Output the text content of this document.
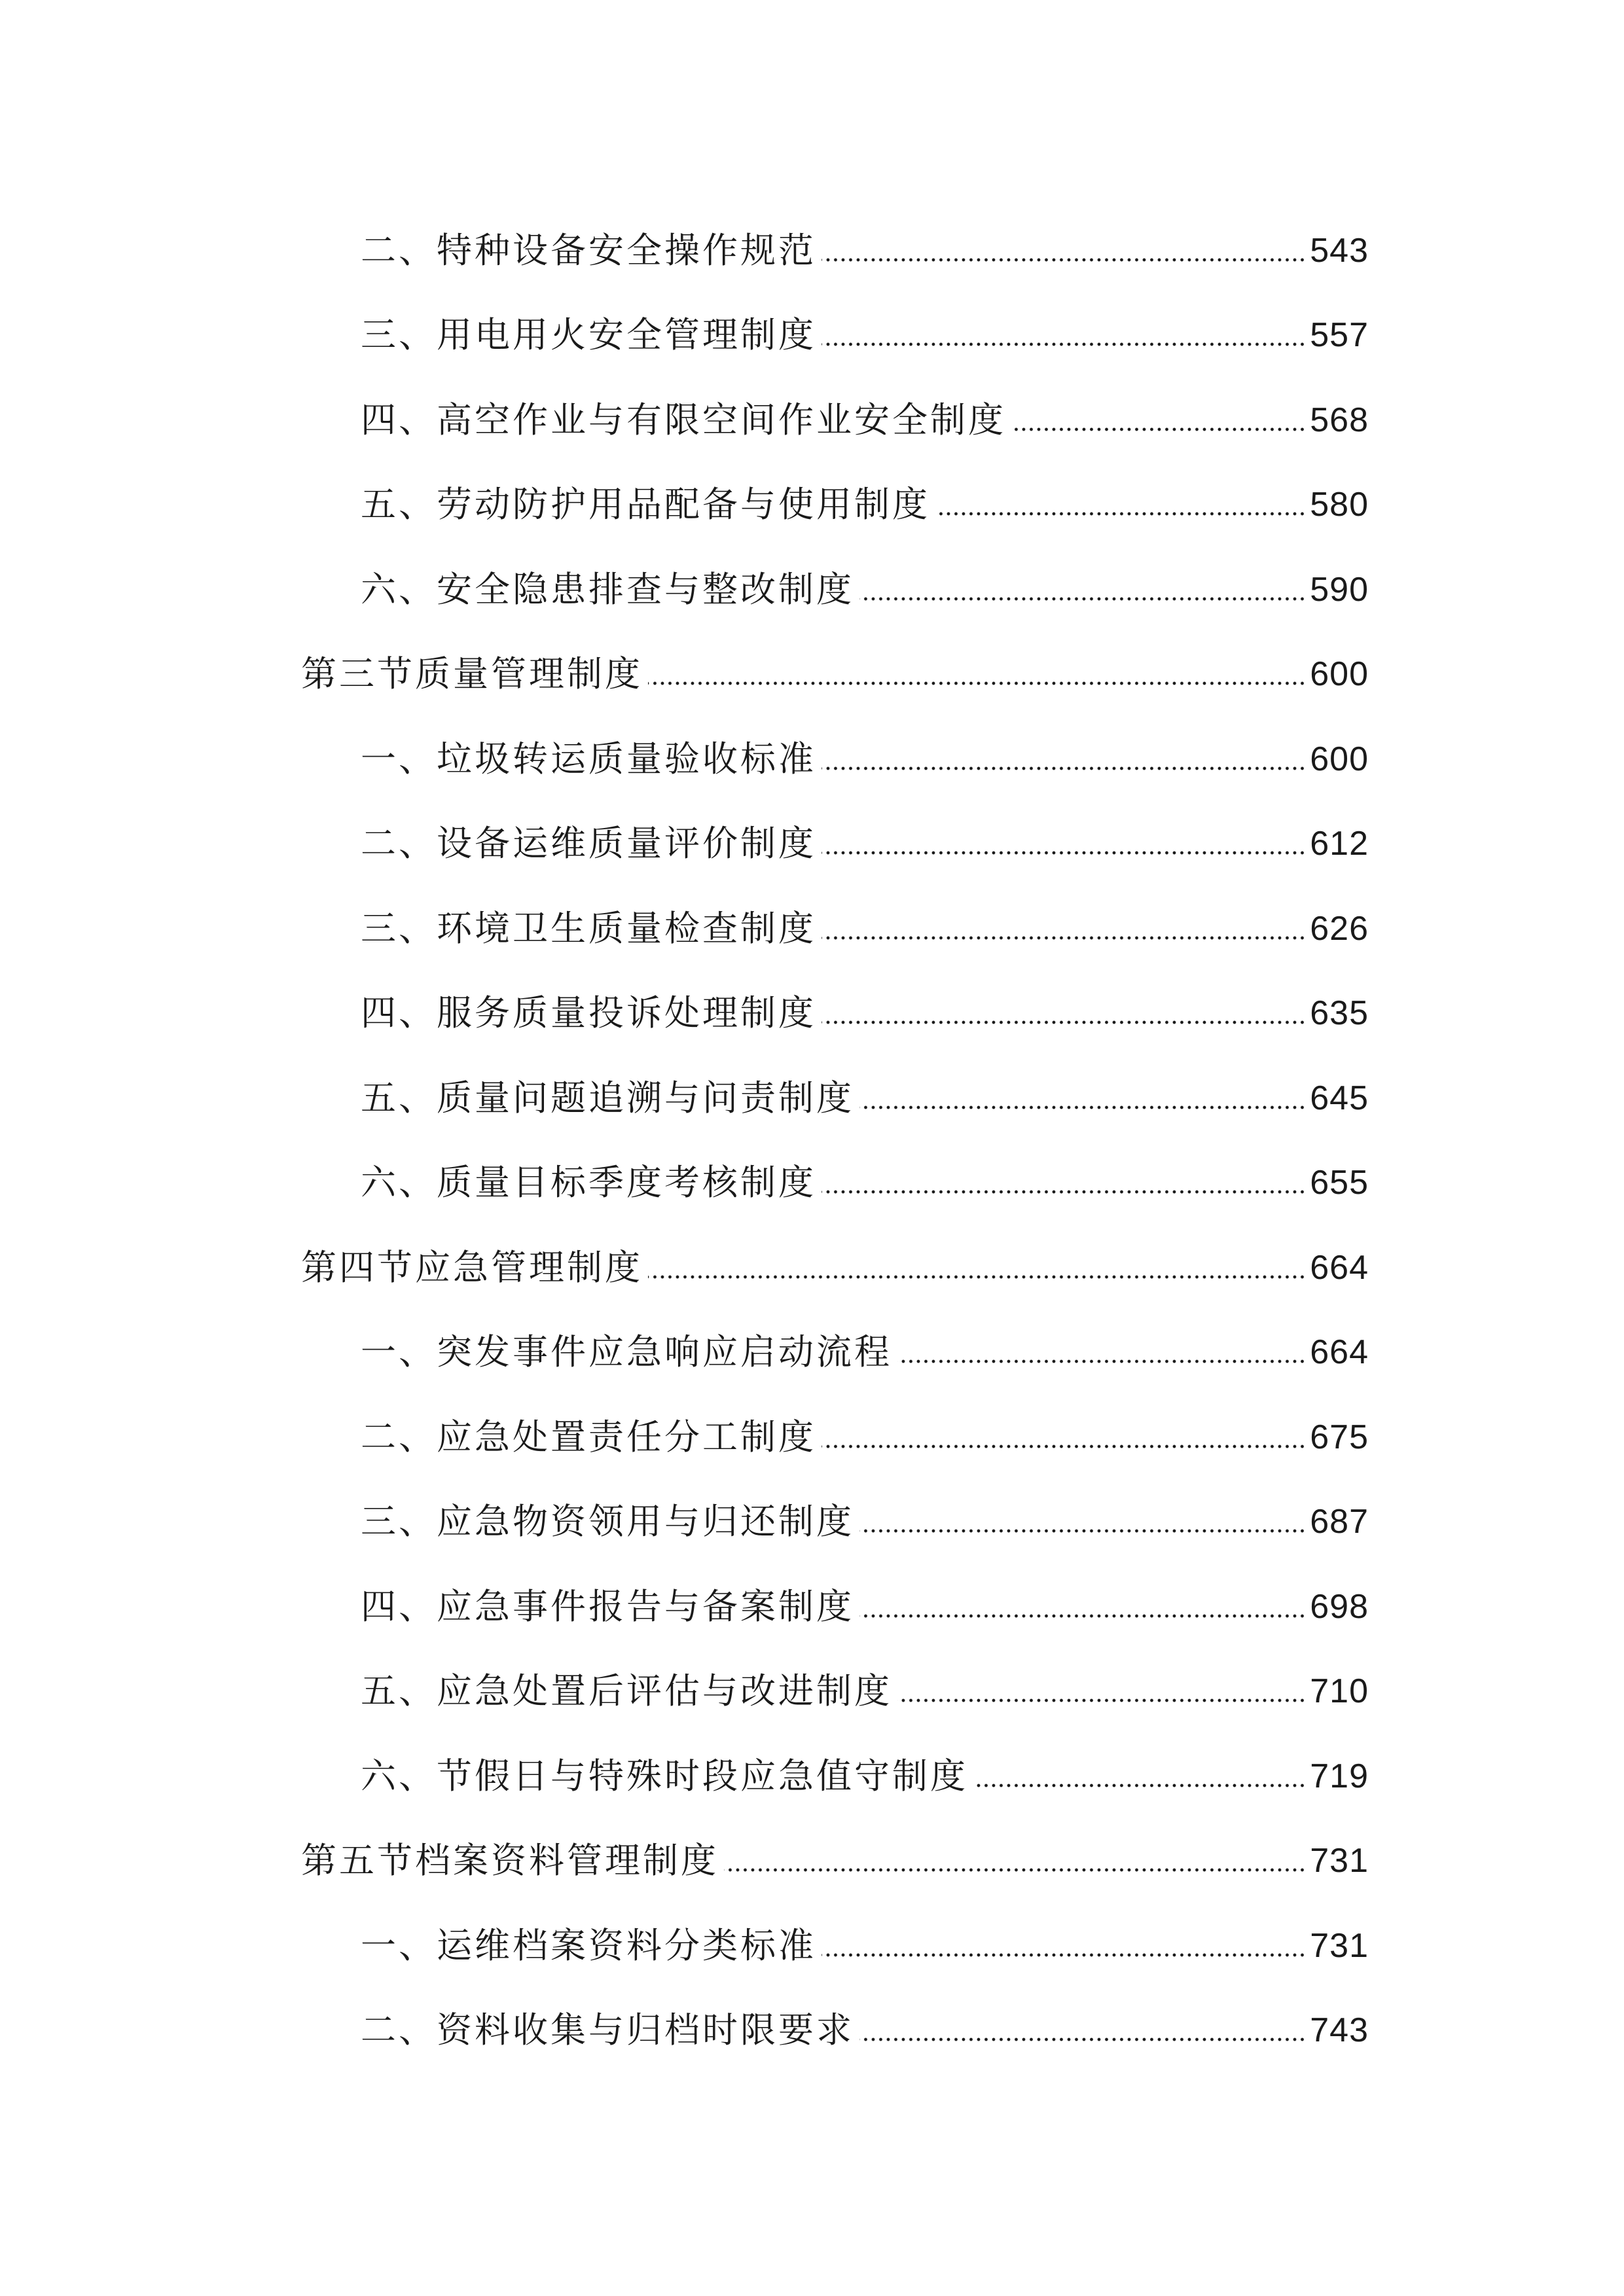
二、特种设备安全操作规范	543
三、用电用火安全管理制度	557
四、高空作业与有限空间作业安全制度	568
五、劳动防护用品配备与使用制度	580
六、安全隐患排查与整改制度	590
第三节质量管理制度	600
一、垃圾转运质量验收标准	600
二、设备运维质量评价制度	612
三、环境卫生质量检查制度	626
四、服务质量投诉处理制度	635
五、质量问题追溯与问责制度	645
六、质量目标季度考核制度	655
第四节应急管理制度	664
一、突发事件应急响应启动流程	664
二、应急处置责任分工制度	675
三、应急物资领用与归还制度	687
四、应急事件报告与备案制度	698
五、应急处置后评估与改进制度	710
六、节假日与特殊时段应急值守制度	719
第五节档案资料管理制度	731
一、运维档案资料分类标准	731
二、资料收集与归档时限要求	743
